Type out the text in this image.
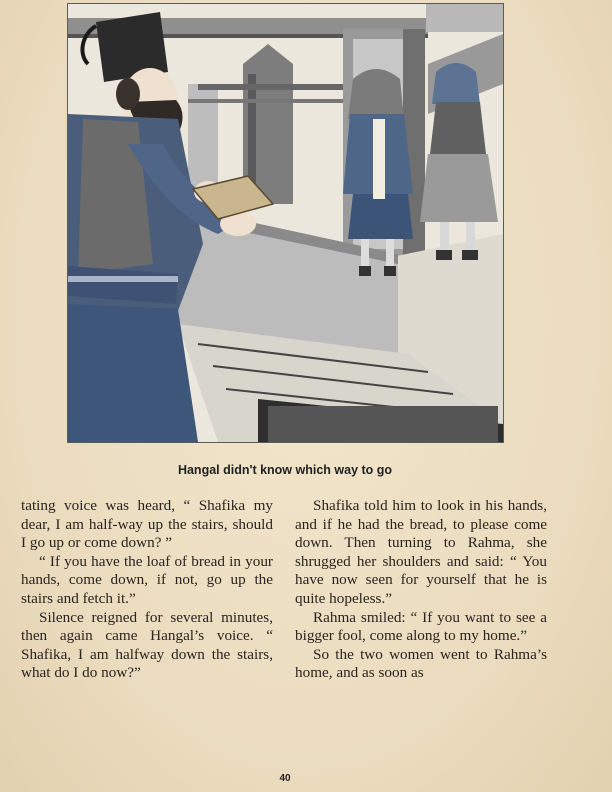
Hangal didn't know which way to go

tating voice was heard, “ Shafika my dear, I am half-way up the stairs, should I go up or come down? ”

“ If you have the loaf of bread in your hands, come down, if not, go up the stairs and fetch it.”

Silence reigned for several minutes, then again came Hangal’s voice. “ Shafika, I am halfway down the stairs, what do I do now?”

Shafika told him to look in his hands, and if he had the bread, to please come down. Then turning to Rahma, she shrugged her shoulders and said: “ You have now seen for yourself that he is quite hopeless.”

Rahma smiled: “ If you want to see a bigger fool, come along to my home.”

So the two women went to Rahma’s home, and as soon as

40
